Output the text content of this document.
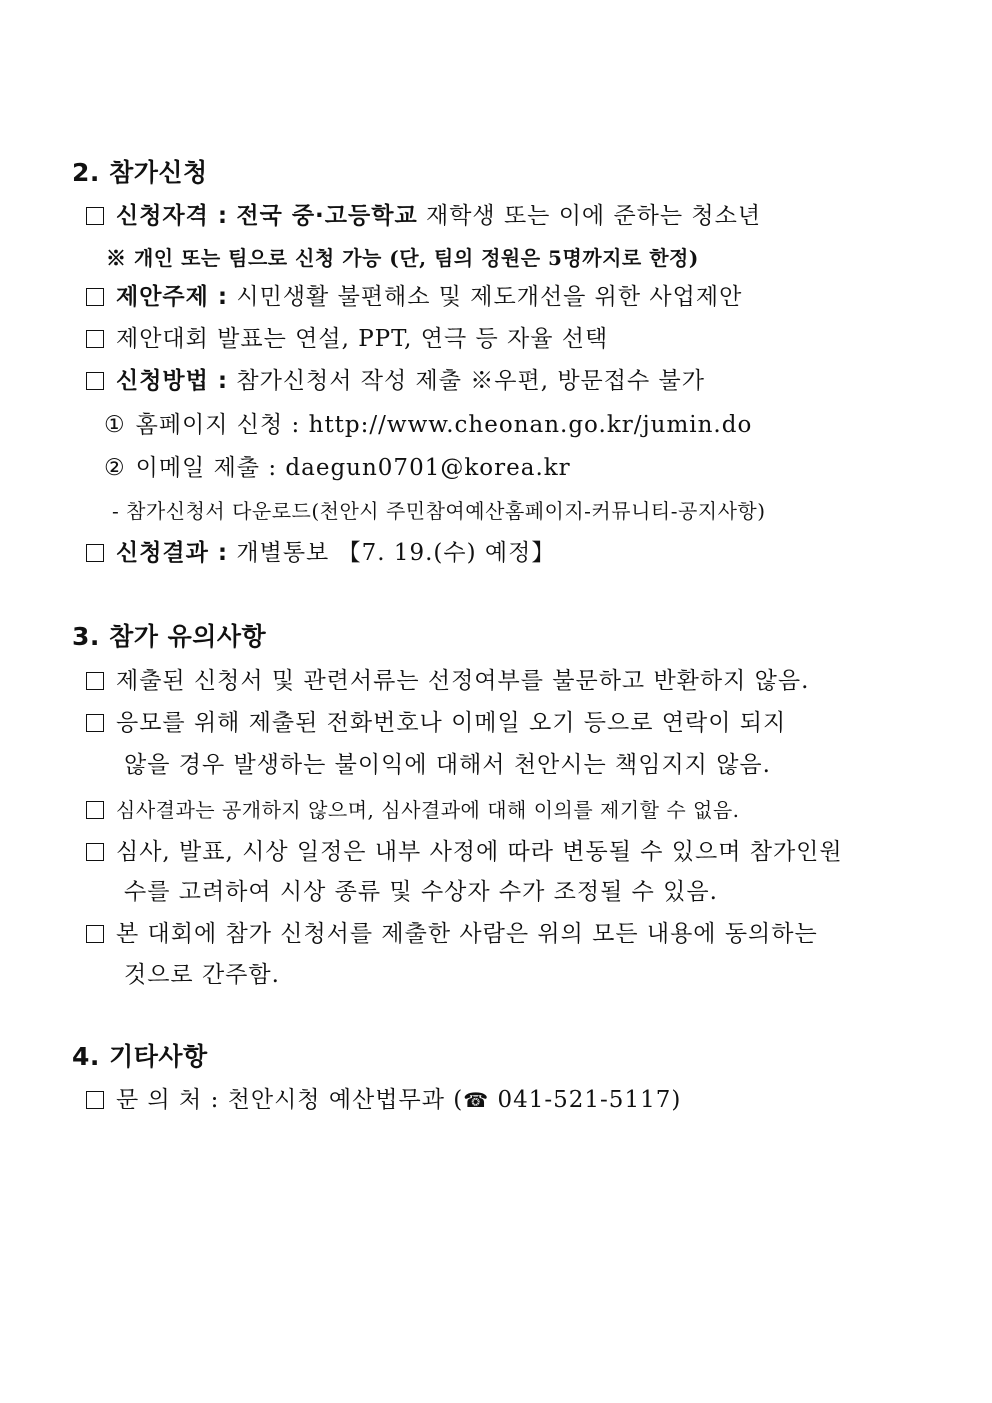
2. 참가신청
신청자격 : 전국 중·고등학교 재학생 또는 이에 준하는 청소년
※ 개인 또는 팀으로 신청 가능 (단, 팀의 정원은 5명까지로 한정)
제안주제 : 시민생활 불편해소 및 제도개선을 위한 사업제안
제안대회 발표는 연설, PPT, 연극 등 자율 선택
신청방법 : 참가신청서 작성 제출 ※우편, 방문접수 불가
① 홈페이지 신청 : http://www.cheonan.go.kr/jumin.do
② 이메일 제출 : daegun0701@korea.kr
- 참가신청서 다운로드(천안시 주민참여예산홈페이지-커뮤니티-공지사항)
신청결과 : 개별통보 【7. 19.(수) 예정】
3. 참가 유의사항
제출된 신청서 및 관련서류는 선정여부를 불문하고 반환하지 않음.
응모를 위해 제출된 전화번호나 이메일 오기 등으로 연락이 되지
않을 경우 발생하는 불이익에 대해서 천안시는 책임지지 않음.
심사결과는 공개하지 않으며, 심사결과에 대해 이의를 제기할 수 없음.
심사, 발표, 시상 일정은 내부 사정에 따라 변동될 수 있으며 참가인원
수를 고려하여 시상 종류 및 수상자 수가 조정될 수 있음.
본 대회에 참가 신청서를 제출한 사람은 위의 모든 내용에 동의하는
것으로 간주함.
4. 기타사항
문 의 처 : 천안시청 예산법무과 (☎ 041-521-5117)
